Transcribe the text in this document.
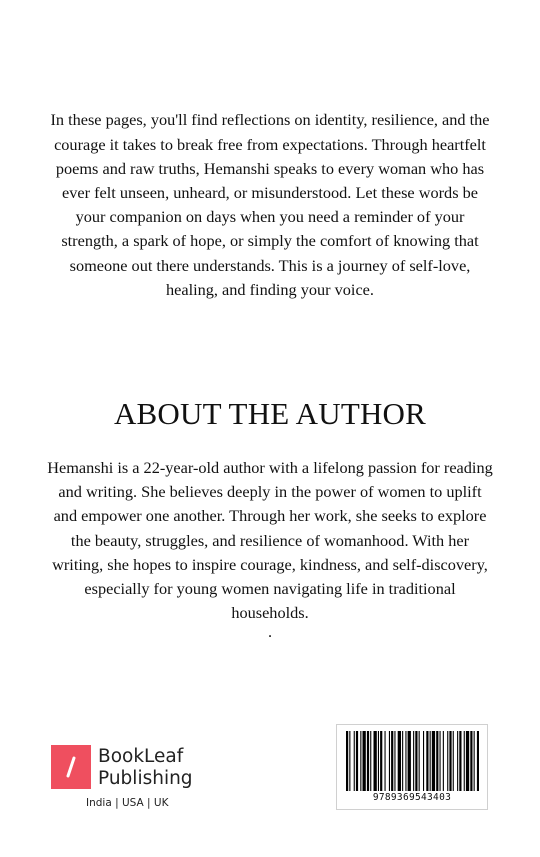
In these pages, you'll find reflections on identity, resilience, and the courage it takes to break free from expectations. Through heartfelt poems and raw truths, Hemanshi speaks to every woman who has ever felt unseen, unheard, or misunderstood. Let these words be your companion on days when you need a reminder of your strength, a spark of hope, or simply the comfort of knowing that someone out there understands. This is a journey of self-love, healing, and finding your voice.

ABOUT THE AUTHOR
Hemanshi is a 22-year-old author with a lifelong passion for reading and writing. She believes deeply in the power of women to uplift and empower one another. Through her work, she seeks to explore the beauty, struggles, and resilience of womanhood. With her writing, she hopes to inspire courage, kindness, and self-discovery, especially for young women navigating life in traditional households.
.
BookLeaf
Publishing
India | USA | UK	9789369543403
